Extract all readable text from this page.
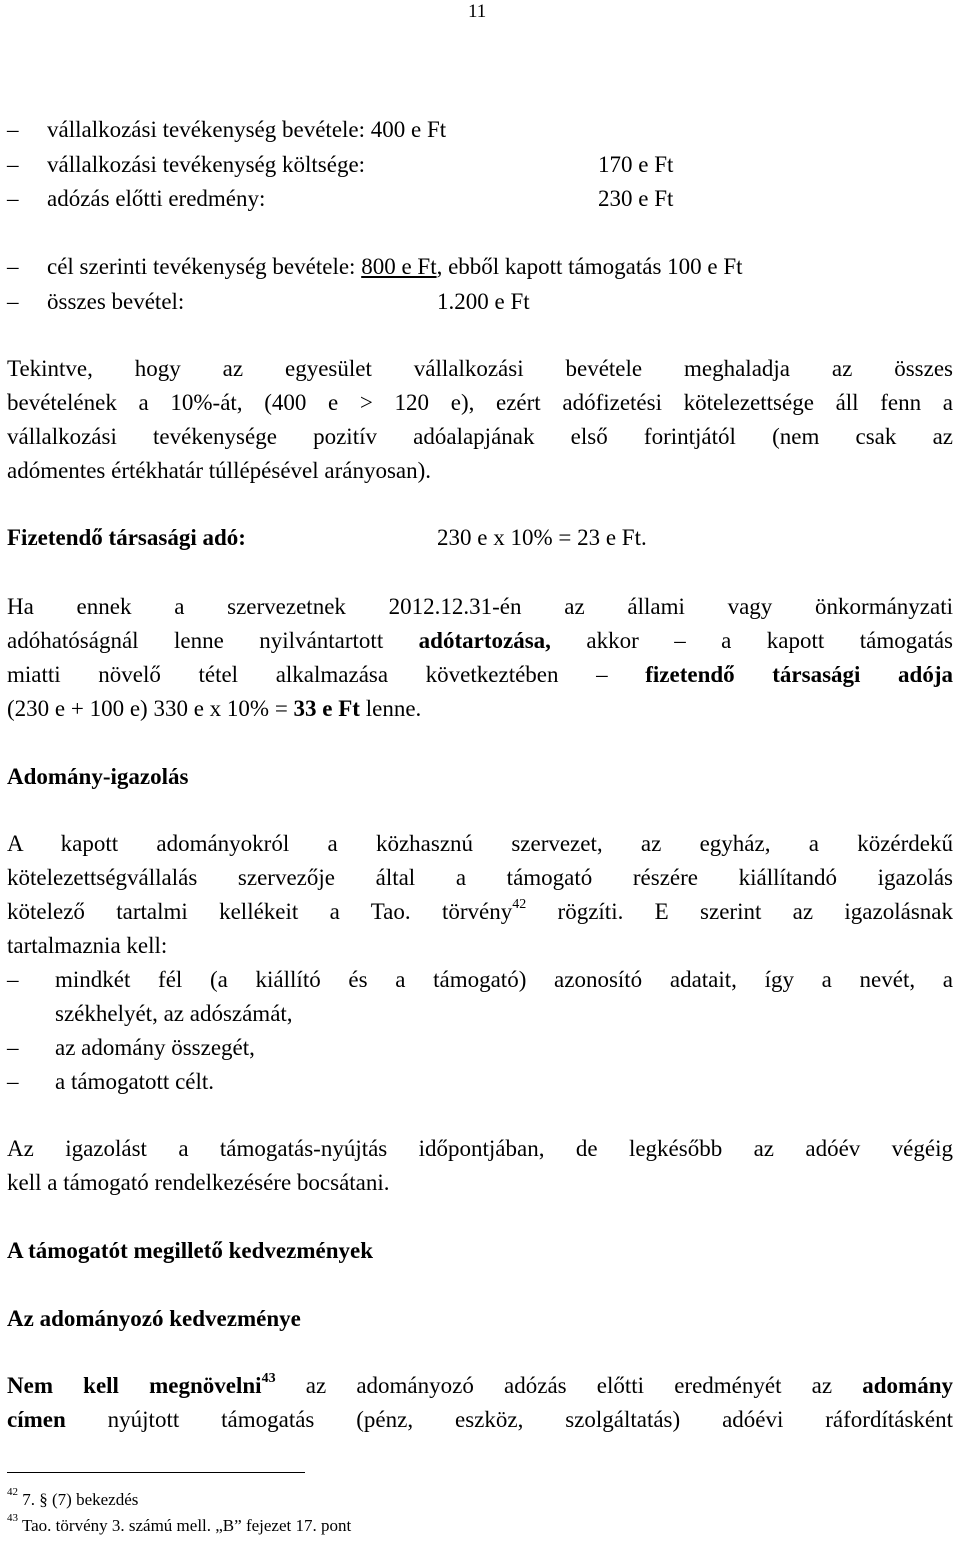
11
– vállalkozási tevékenység bevétele: 400 e Ft
– vállalkozási tevékenység költsége:	170 e Ft
– adózás előtti eredmény:	230 e Ft
– cél szerinti tevékenység bevétele: 800 e Ft, ebből kapott támogatás 100 e Ft
– összes bevétel:	1.200 e Ft
Tekintve, hogy az egyesület vállalkozási bevétele meghaladja az összes
bevételének a 10%-át, (400 e > 120 e), ezért adófizetési kötelezettsége áll fenn a
vállalkozási tevékenysége pozitív adóalapjának első forintjától (nem csak az
adómentes értékhatár túllépésével arányosan).
Fizetendő társasági adó:	230 e x 10% = 23 e Ft.
Ha ennek a szervezetnek 2012.12.31-én az állami vagy önkormányzati
adóhatóságnál lenne nyilvántartott adótartozása, akkor – a kapott támogatás
miatti növelő tétel alkalmazása következtében – fizetendő társasági adója
(230 e + 100 e) 330 e x 10% = 33 e Ft lenne.
Adomány-igazolás
A kapott adományokról a közhasznú szervezet, az egyház, a közérdekű
kötelezettségvállalás szervezője által a támogató részére kiállítandó igazolás
kötelező tartalmi kellékeit a Tao. törvény$^{42}$ rögzíti. E szerint az igazolásnak
tartalmaznia kell:
– mindkét fél (a kiállító és a támogató) azonosító adatait, így a nevét, a
székhelyét, az adószámát,
– az adomány összegét,
– a támogatott célt.
Az igazolást a támogatás-nyújtás időpontjában, de legkésőbb az adóév végéig
kell a támogató rendelkezésére bocsátani.
A támogatót megillető kedvezmények
Az adományozó kedvezménye
Nem kell megnövelni$^{43}$ az adományozó adózás előtti eredményét az adomány
címen nyújtott támogatás (pénz, eszköz, szolgáltatás) adóévi ráfordításként
$^{42}$ 7. § (7) bekezdés
$^{43}$ Tao. törvény 3. számú mell. „B” fejezet 17. pont
